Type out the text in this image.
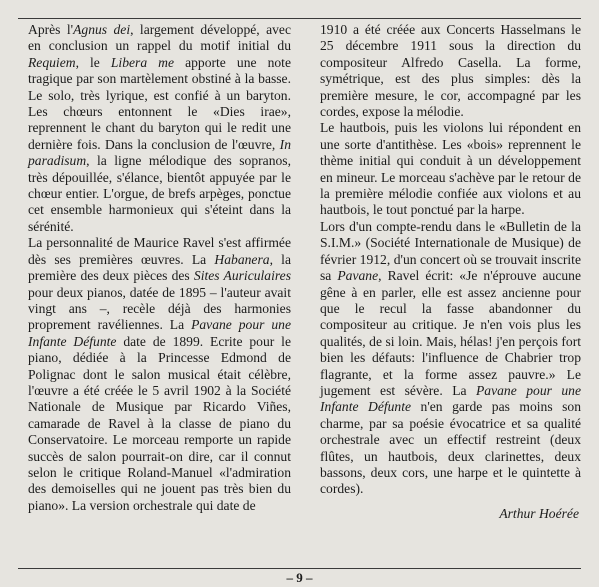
Après l'Agnus dei, largement développé, avec en conclusion un rappel du motif initial du Requiem, le Libera me apporte une note tragique par son martèlement obstiné à la basse. Le solo, très lyrique, est confié à un baryton. Les chœurs entonnent le «Dies irae», reprennent le chant du baryton qui le redit une dernière fois. Dans la conclusion de l'œuvre, In paradisum, la ligne mélodique des sopranos, très dépouillée, s'élance, bientôt appuyée par le chœur entier. L'orgue, de brefs arpèges, ponctue cet ensemble harmonieux qui s'éteint dans la sérénité.

La personnalité de Maurice Ravel s'est affirmée dès ses premières œuvres. La Habanera, la première des deux pièces des Sites Auriculaires pour deux pianos, datée de 1895 – l'auteur avait vingt ans –, recèle déjà des harmonies proprement ravéliennes. La Pavane pour une Infante Défunte date de 1899. Ecrite pour le piano, dédiée à la Princesse Edmond de Polignac dont le salon musical était célèbre, l'œuvre a été créée le 5 avril 1902 à la Société Nationale de Musique par Ricardo Viñes, camarade de Ravel à la classe de piano du Conservatoire. Le morceau remporte un rapide succès de salon pourrait-on dire, car il connut selon le critique Roland-Manuel «l'admiration des demoiselles qui ne jouent pas très bien du piano». La version orchestrale qui date de

1910 a été créée aux Concerts Hasselmans le 25 décembre 1911 sous la direction du compositeur Alfredo Casella. La forme, symétrique, est des plus simples: dès la première mesure, le cor, accompagné par les cordes, expose la mélodie.

Le hautbois, puis les violons lui répondent en une sorte d'antithèse. Les «bois» reprennent le thème initial qui conduit à un développement en mineur. Le morceau s'achève par le retour de la première mélodie confiée aux violons et au hautbois, le tout ponctué par la harpe.

Lors d'un compte-rendu dans le «Bulletin de la S.I.M.» (Société Internationale de Musique) de février 1912, d'un concert où se trouvait inscrite sa Pavane, Ravel écrit: «Je n'éprouve aucune gêne à en parler, elle est assez ancienne pour que le recul la fasse abandonner du compositeur au critique. Je n'en vois plus les qualités, de si loin. Mais, hélas! j'en perçois fort bien les défauts: l'influence de Chabrier trop flagrante, et la forme assez pauvre.» Le jugement est sévère. La Pavane pour une Infante Défunte n'en garde pas moins son charme, par sa poésie évocatrice et sa qualité orchestrale avec un effectif restreint (deux flûtes, un hautbois, deux clarinettes, deux bassons, deux cors, une harpe et le quintette à cordes).

Arthur Hoérée

– 9 –
